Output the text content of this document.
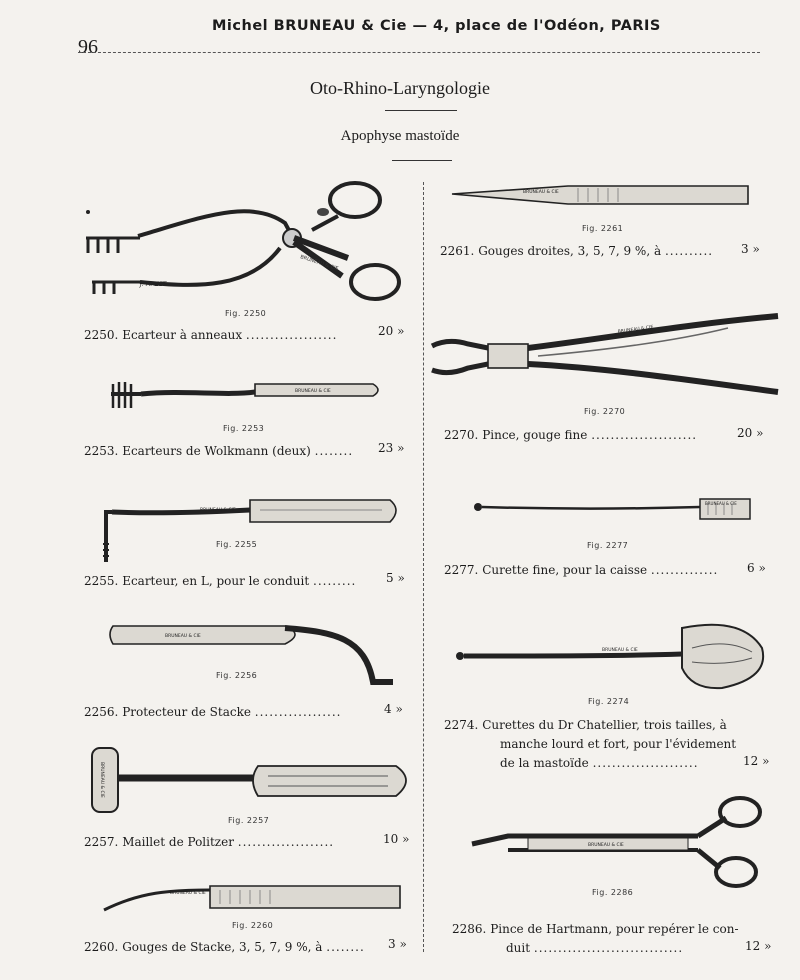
96
Michel BRUNEAU & Cie — 4, place de l'Odéon, PARIS
Oto-Rhino-Laryngologie
Apophyse mastoïde
BRUNEAU & CIE
J. MAZET
Fig. 2250
2250. Ecarteur à anneaux ...................	20 »
BRUNEAU & CIE
Fig. 2253
2253. Ecarteurs de Wolkmann (deux) ........ 23 »
BRUNEAU & CIE
Fig. 2255
2255. Ecarteur, en L, pour le conduit ......... 5 »
BRUNEAU & CIE
Fig. 2256
2256. Protecteur de Stacke ..................	4 »
BRUNEAU & CIE
Fig. 2257
2257. Maillet de Politzer ....................	10 »
BRUNEAU & CIE
Fig. 2260
2260. Gouges de Stacke, 3, 5, 7, 9 %, à ........ 3 »
BRUNEAU & CIE
Fig. 2261
2261. Gouges droites, 3, 5, 7, 9 %, à .......... 3 »
BRUNEAU & CIE
Fig. 2270
2270. Pince, gouge fine ......................	20 »
BRUNEAU & CIE
Fig. 2277
2277. Curette fine, pour la caisse .............. 6 »
BRUNEAU & CIE
Fig. 2274
2274. Curettes du Dr Chatellier, trois tailles, à
manche lourd et fort, pour l'évidement
de la mastoïde ......................	12 »
BRUNEAU & CIE
Fig. 2286
2286. Pince de Hartmann, pour repérer le con-
duit ...............................	12 »
